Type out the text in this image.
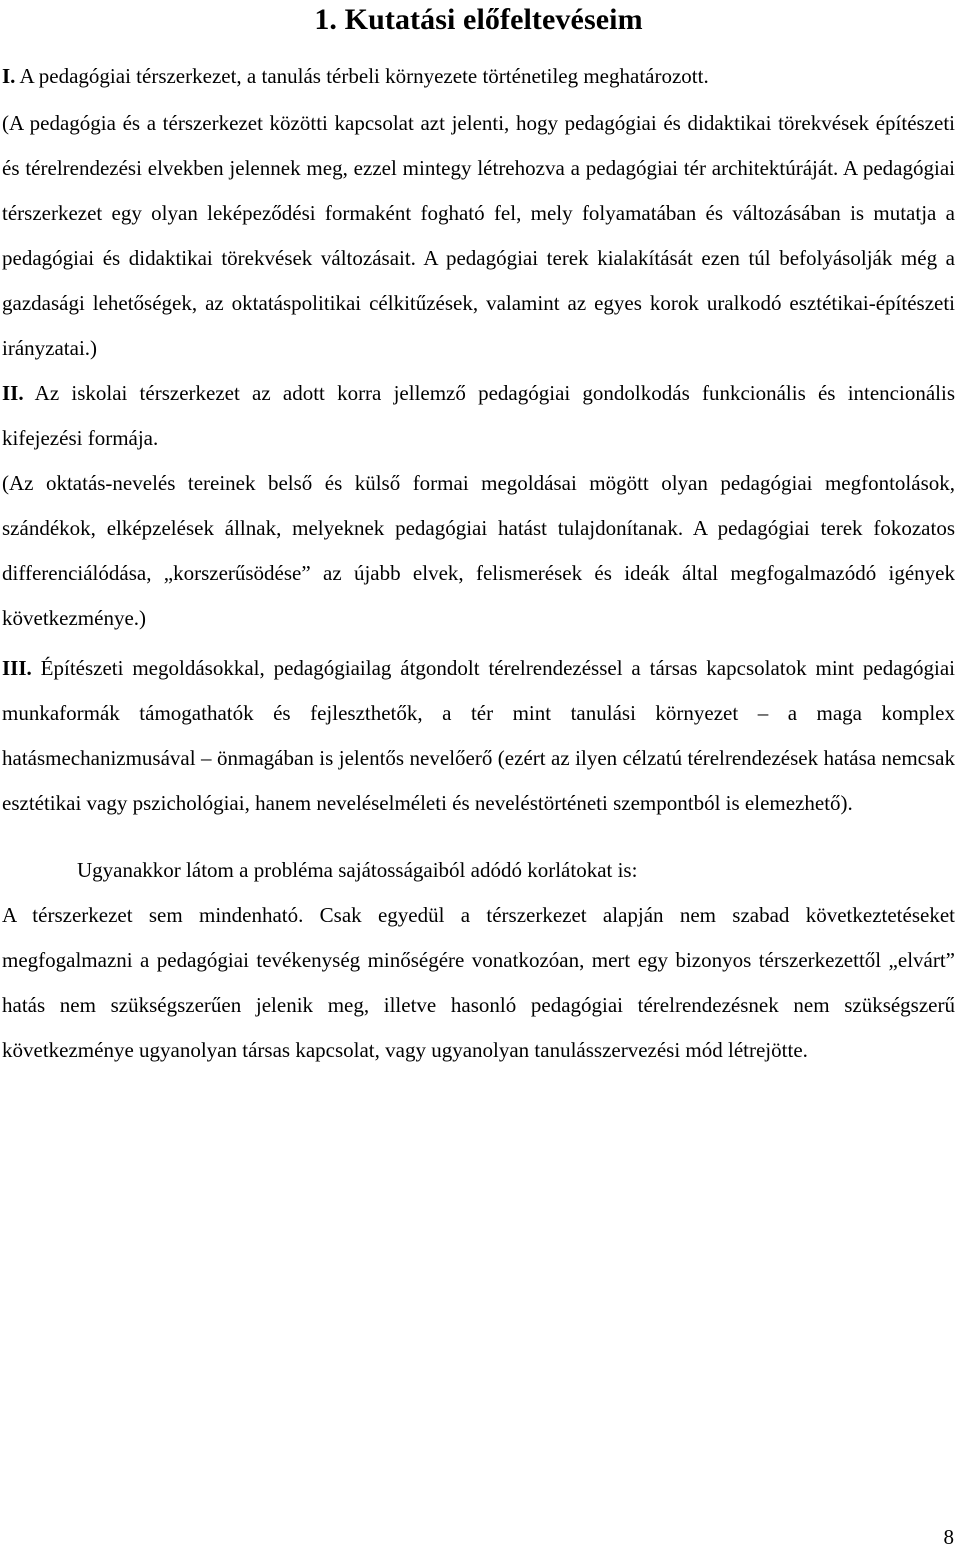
1. Kutatási előfeltevéseim

I. A pedagógiai térszerkezet, a tanulás térbeli környezete történetileg meghatározott.

(A pedagógia és a térszerkezet közötti kapcsolat azt jelenti, hogy pedagógiai és didaktikai törekvések építészeti és térelrendezési elvekben jelennek meg, ezzel mintegy létrehozva a pedagógiai tér architektúráját. A pedagógiai térszerkezet egy olyan leképeződési formaként fogható fel, mely folyamatában és változásában is mutatja a pedagógiai és didaktikai törekvések változásait. A pedagógiai terek kialakítását ezen túl befolyásolják még a gazdasági lehetőségek, az oktatáspolitikai célkitűzések, valamint az egyes korok uralkodó esztétikai-építészeti irányzatai.)

II. Az iskolai térszerkezet az adott korra jellemző pedagógiai gondolkodás funkcionális és intencionális kifejezési formája.

(Az oktatás-nevelés tereinek belső és külső formai megoldásai mögött olyan pedagógiai megfontolások, szándékok, elképzelések állnak, melyeknek pedagógiai hatást tulajdonítanak. A pedagógiai terek fokozatos differenciálódása, „korszerűsödése” az újabb elvek, felismerések és ideák által megfogalmazódó igények következménye.)

III. Építészeti megoldásokkal, pedagógiailag átgondolt térelrendezéssel a társas kapcsolatok mint pedagógiai munkaformák támogathatók és fejleszthetők, a tér mint tanulási környezet – a maga komplex hatásmechanizmusával – önmagában is jelentős nevelőerő (ezért az ilyen célzatú térelrendezések hatása nemcsak esztétikai vagy pszichológiai, hanem neveléselméleti és neveléstörténeti szempontból is elemezhető).

Ugyanakkor látom a probléma sajátosságaiból adódó korlátokat is:

A térszerkezet sem mindenható. Csak egyedül a térszerkezet alapján nem szabad következtetéseket megfogalmazni a pedagógiai tevékenység minőségére vonatkozóan, mert egy bizonyos térszerkezettől „elvárt” hatás nem szükségszerűen jelenik meg, illetve hasonló pedagógiai térelrendezésnek nem szükségszerű következménye ugyanolyan társas kapcsolat, vagy ugyanolyan tanulásszervezési mód létrejötte.

8
